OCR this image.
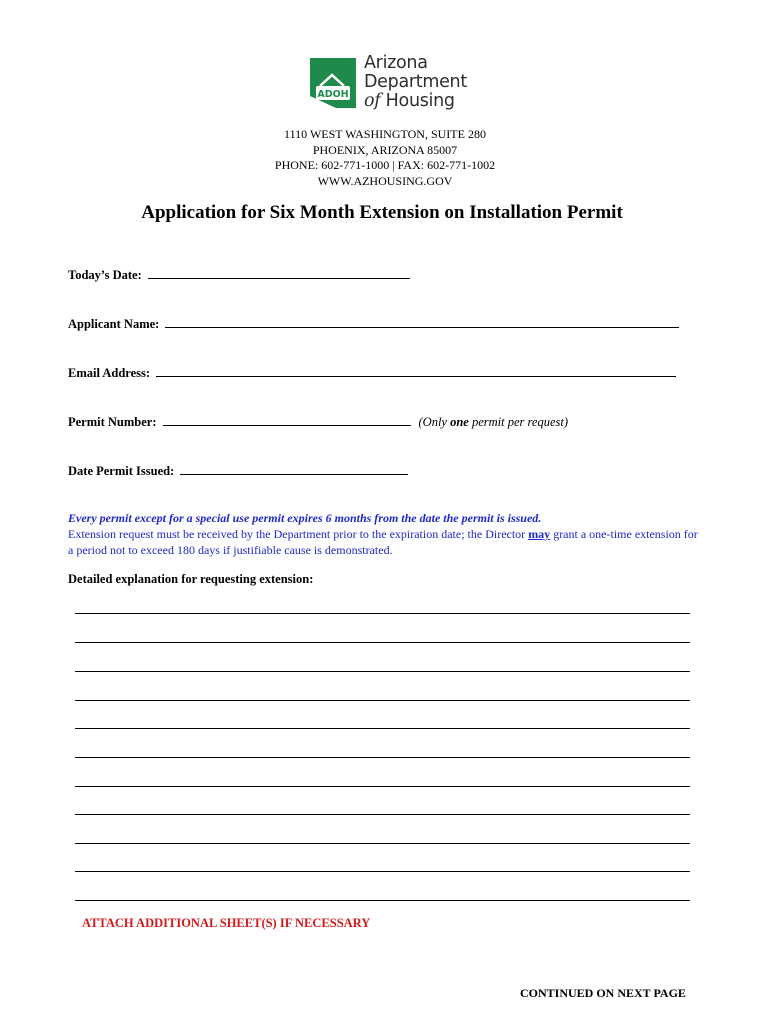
ADOH
Arizona
Department
of Housing
1110 WEST WASHINGTON, SUITE 280
PHOENIX, ARIZONA 85007
PHONE: 602-771-1000 | FAX: 602-771-1002
WWW.AZHOUSING.GOV
Application for Six Month Extension on Installation Permit
Today’s Date:
Applicant Name:
Email Address:
Permit Number:	(Only one permit per request)
Date Permit Issued:
Every permit except for a special use permit expires 6 months from the date the permit is issued.
Extension request must be received by the Department prior to the expiration date; the Director may grant a one-time extension for a period not to exceed 180 days if justifiable cause is demonstrated.
Detailed explanation for requesting extension:
ATTACH ADDITIONAL SHEET(S) IF NECESSARY
CONTINUED ON NEXT PAGE
